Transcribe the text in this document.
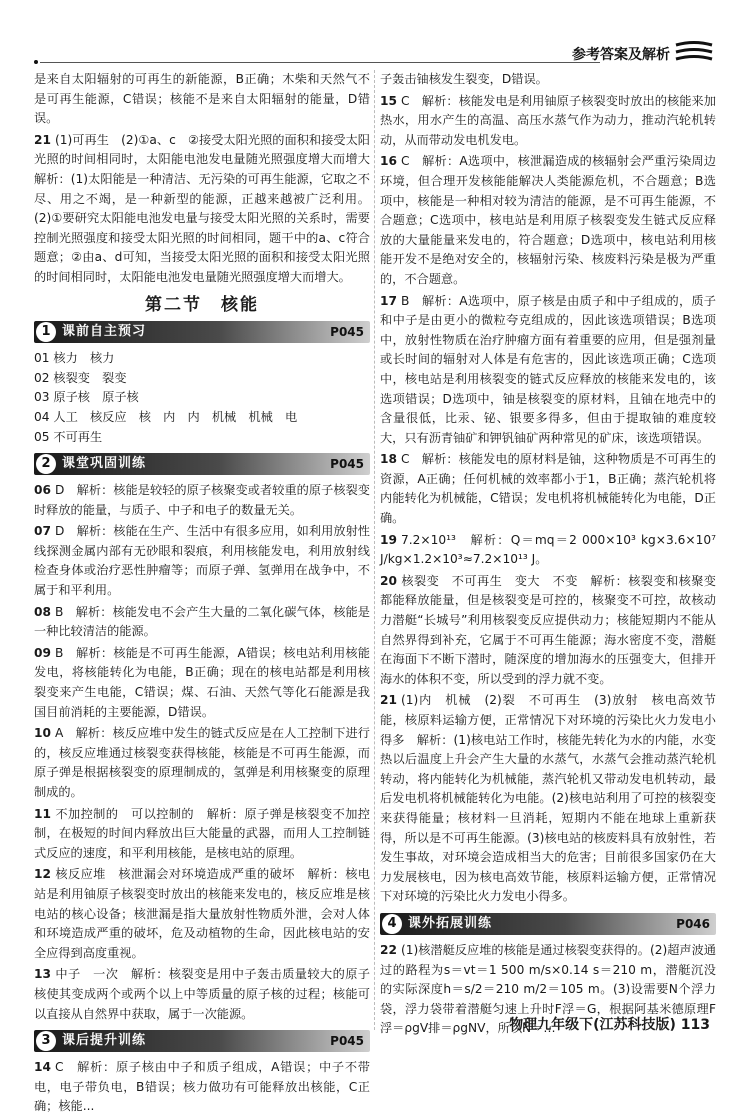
参考答案及解析

是来自太阳辐射的可再生的新能源，B正确；木柴和天然气不是可再生能源，C错误；核能不是来自太阳辐射的能量，D错误。

21 (1)可再生　(2)①a、c　②接受太阳光照的面积和接受太阳光照的时间相同时，太阳能电池发电量随光照强度增大而增大　解析：(1)太阳能是一种清洁、无污染的可再生能源，它取之不尽、用之不竭，是一种新型的能源，正越来越被广泛利用。(2)①要研究太阳能电池发电量与接受太阳光照的关系时，需要控制光照强度和接受太阳光照的时间相同，题干中的a、c符合题意；②由a、d可知，当接受太阳光照的面积和接受太阳光照的时间相同时，太阳能电池发电量随光照强度增大而增大。

第二节　核能
1 课前自主预习	P045

01 核力　核力

02 核裂变　裂变

03 原子核　原子核

04 人工　核反应　核　内　内　机械　机械　电

05 不可再生

2 课堂巩固训练	P045

06 D　解析：核能是较轻的原子核聚变或者较重的原子核裂变时释放的能量，与质子、中子和电子的数量无关。

07 D　解析：核能在生产、生活中有很多应用，如利用放射性线探测金属内部有无砂眼和裂痕，利用核能发电，利用放射线检查身体或治疗恶性肿瘤等；而原子弹、氢弹用在战争中，不属于和平利用。

08 B　解析：核能发电不会产生大量的二氧化碳气体，核能是一种比较清洁的能源。

09 B　解析：核能是不可再生能源，A错误；核电站利用核能发电，将核能转化为电能，B正确；现在的核电站都是利用核裂变来产生电能，C错误；煤、石油、天然气等化石能源是我国目前消耗的主要能源，D错误。

10 A　解析：核反应堆中发生的链式反应是在人工控制下进行的，核反应堆通过核裂变获得核能，核能是不可再生能源，而原子弹是根据核裂变的原理制成的，氢弹是利用核聚变的原理制成的。

11 不加控制的　可以控制的　解析：原子弹是核裂变不加控制，在极短的时间内释放出巨大能量的武器，而用人工控制链式反应的速度，和平利用核能，是核电站的原理。

12 核反应堆　核泄漏会对环境造成严重的破坏　解析：核电站是利用铀原子核裂变时放出的核能来发电的，核反应堆是核电站的核心设备；核泄漏是指大量放射性物质外泄，会对人体和环境造成严重的破坏，危及动植物的生命，因此核电站的安全应得到高度重视。

13 中子　一次　解析：核裂变是用中子轰击质量较大的原子核使其变成两个或两个以上中等质量的原子核的过程；核能可以直接从自然界中获取，属于一次能源。

3 课后提升训练	P045

14 C　解析：原子核由中子和质子组成，A错误；中子不带电，电子带负电，B错误；核力做功有可能释放出核能，C正确；核能...

子轰击铀核发生裂变，D错误。

15 C　解析：核能发电是利用铀原子核裂变时放出的核能来加热水，用水产生的高温、高压水蒸气作为动力，推动汽轮机转动，从而带动发电机发电。

16 C　解析：A选项中，核泄漏造成的核辐射会严重污染周边环境，但合理开发核能能解决人类能源危机，不合题意；B选项中，核能是一种相对较为清洁的能源，是不可再生能源，不合题意；C选项中，核电站是利用原子核裂变发生链式反应释放的大量能量来发电的，符合题意；D选项中，核电站利用核能开发不是绝对安全的，核辐射污染、核废料污染是极为严重的，不合题意。

17 B　解析：A选项中，原子核是由质子和中子组成的，质子和中子是由更小的微粒夸克组成的，因此该选项错误；B选项中，放射性物质在治疗肿瘤方面有着重要的应用，但是强剂量或长时间的辐射对人体是有危害的，因此该选项正确；C选项中，核电站是利用核裂变的链式反应释放的核能来发电的，该选项错误；D选项中，铀是核裂变的原材料，且铀在地壳中的含量很低，比汞、铋、银要多得多，但由于提取铀的难度较大，只有沥青铀矿和钾钒铀矿两种常见的矿床，该选项错误。

18 C　解析：核能发电的原材料是铀，这种物质是不可再生的资源，A正确；任何机械的效率都小于1，B正确；蒸汽轮机将内能转化为机械能，C错误；发电机将机械能转化为电能，D正确。

19 7.2×10¹³　解析：Q＝mq＝2 000×10³ kg×3.6×10⁷ J/kg×1.2×10³≈7.2×10¹³ J。

20 核裂变　不可再生　变大　不变　解析：核裂变和核聚变都能释放能量，但是核裂变是可控的，核聚变不可控，故核动力潜艇“长城号”利用核裂变反应提供动力；核能短期内不能从自然界得到补充，它属于不可再生能源；海水密度不变，潜艇在海面下不断下潜时，随深度的增加海水的压强变大，但排开海水的体积不变，所以受到的浮力就不变。

21 (1)内　机械　(2)裂　不可再生　(3)放射　核电高效节能，核原料运输方便，正常情况下对环境的污染比火力发电小得多　解析：(1)核电站工作时，核能先转化为水的内能，水变热以后温度上升会产生大量的水蒸气，水蒸气会推动蒸汽轮机转动，将内能转化为机械能，蒸汽轮机又带动发电机转动，最后发电机将机械能转化为电能。(2)核电站利用了可控的核裂变来获得能量；核材料一旦消耗，短期内不能在地球上重新获得，所以是不可再生能源。(3)核电站的核废料具有放射性，若发生事故，对环境会造成相当大的危害；目前很多国家仍在大力发展核电，因为核电高效节能，核原料运输方便，正常情况下对环境的污染比火力发电小得多。

4 课外拓展训练	P046

22 (1)核潜艇反应堆的核能是通过核裂变获得的。(2)超声波通过的路程为s＝vt＝1 500 m/s×0.14 s＝210 m，潜艇沉没的实际深度h＝s/2＝210 m/2＝105 m。(3)设需要N个浮力袋，浮力袋带着潜艇匀速上升时F浮＝G，根据阿基米德原理F浮＝ρgV排＝ρgNV，所以N＝…

物理九年级下(江苏科技版) 113
